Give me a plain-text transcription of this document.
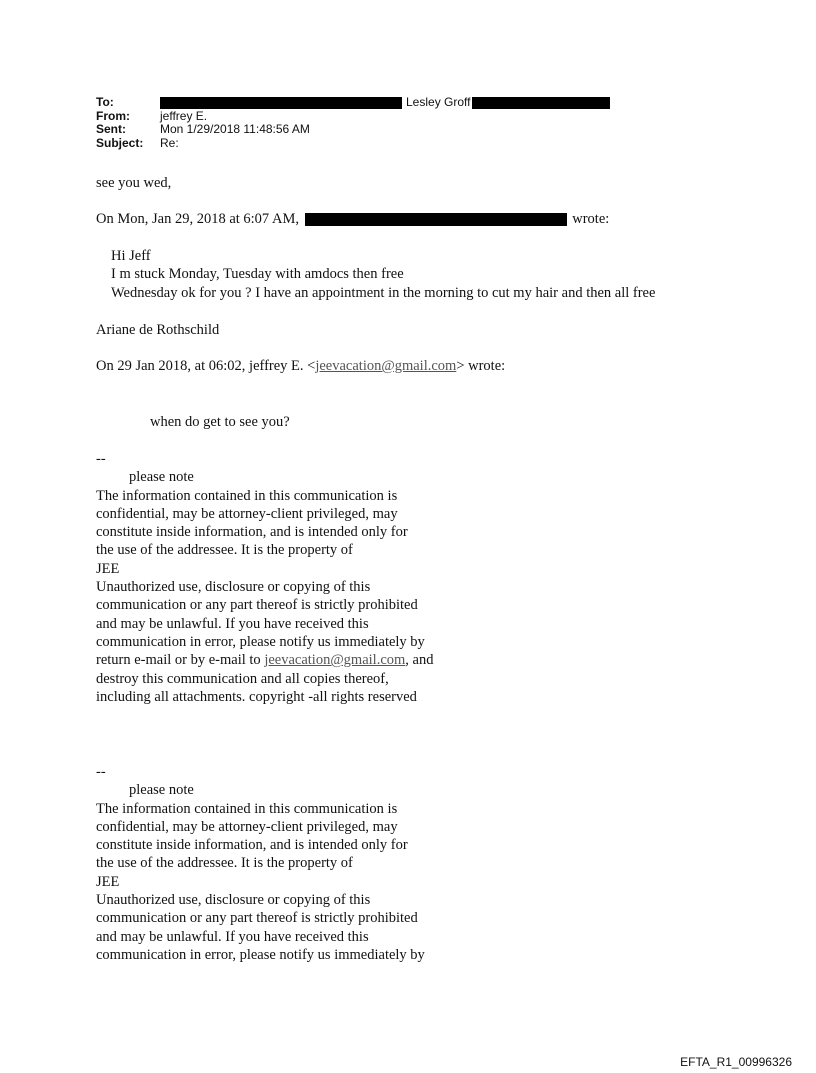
To:	Lesley Groff
From:	jeffrey E.
Sent:	Mon 1/29/2018 11:48:56 AM
Subject:	Re:
see you wed,
On Mon, Jan 29, 2018 at 6:07 AM,	wrote:
Hi Jeff
I m stuck Monday, Tuesday with amdocs then free
Wednesday ok for you ? I have an appointment in the morning to cut my hair and then all free
Ariane de Rothschild
On 29 Jan 2018, at 06:02, jeffrey E. <jeevacation@gmail.com> wrote:
when do get to see you?
--
please note
The information contained in this communication is
confidential, may be attorney-client privileged, may
constitute inside information, and is intended only for
the use of the addressee. It is the property of
JEE
Unauthorized use, disclosure or copying of this
communication or any part thereof is strictly prohibited
and may be unlawful. If you have received this
communication in error, please notify us immediately by
return e-mail or by e-mail to jeevacation@gmail.com, and
destroy this communication and all copies thereof,
including all attachments. copyright -all rights reserved
--
please note
The information contained in this communication is
confidential, may be attorney-client privileged, may
constitute inside information, and is intended only for
the use of the addressee. It is the property of
JEE
Unauthorized use, disclosure or copying of this
communication or any part thereof is strictly prohibited
and may be unlawful. If you have received this
communication in error, please notify us immediately by
EFTA_R1_00996326
